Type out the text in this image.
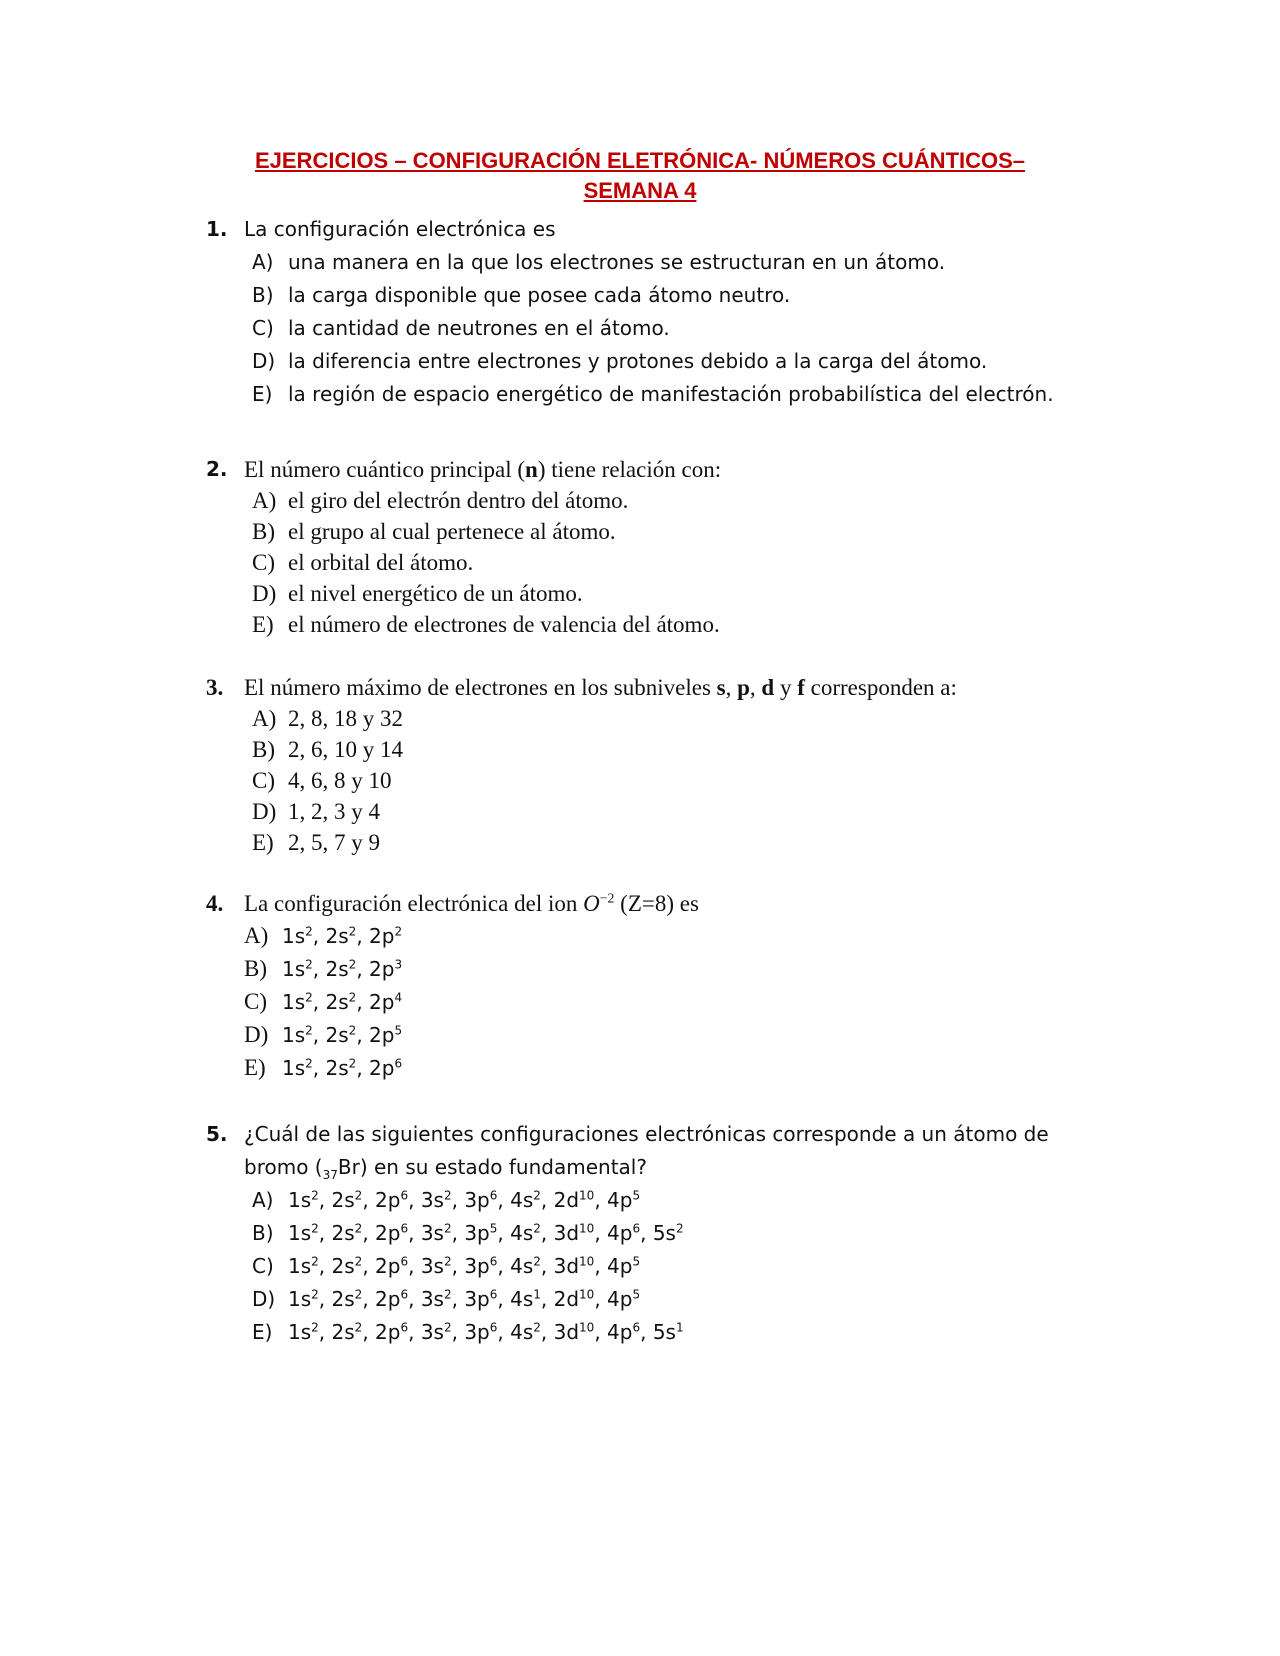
EJERCICIOS – CONFIGURACIÓN ELETRÓNICA- NÚMEROS CUÁNTICOS–
SEMANA 4
1. La configuración electrónica es
A) una manera en la que los electrones se estructuran en un átomo.
B) la carga disponible que posee cada átomo neutro.
C) la cantidad de neutrones en el átomo.
D) la diferencia entre electrones y protones debido a la carga del átomo.
E) la región de espacio energético de manifestación probabilística del electrón.
2. El número cuántico principal (n) tiene relación con:
A) el giro del electrón dentro del átomo.
B) el grupo al cual pertenece al átomo.
C) el orbital del átomo.
D) el nivel energético de un átomo.
E) el número de electrones de valencia del átomo.
3. El número máximo de electrones en los subniveles s, p, d y f corresponden a:
A) 2, 8, 18 y 32
B) 2, 6, 10 y 14
C) 4, 6, 8 y 10
D) 1, 2, 3 y 4
E) 2, 5, 7 y 9
4. La configuración electrónica del ion $O^{-2}$ (Z=8) es
A) $1s^2$, $2s^2$, $2p^2$
B) $1s^2$, $2s^2$, $2p^3$
C) $1s^2$, $2s^2$, $2p^4$
D) $1s^2$, $2s^2$, $2p^5$
E) $1s^2$, $2s^2$, $2p^6$
5. ¿Cuál de las siguientes configuraciones electrónicas corresponde a un átomo de
bromo $(_{37}Br)$ en su estado fundamental?
A) $1s^2$, $2s^2$, $2p^6$, $3s^2$, $3p^6$, $4s^2$, $2d^{10}$, $4p^5$
B) $1s^2$, $2s^2$, $2p^6$, $3s^2$, $3p^5$, $4s^2$, $3d^{10}$, $4p^6$, $5s^2$
C) $1s^2$, $2s^2$, $2p^6$, $3s^2$, $3p^6$, $4s^2$, $3d^{10}$, $4p^5$
D) $1s^2$, $2s^2$, $2p^6$, $3s^2$, $3p^6$, $4s^1$, $2d^{10}$, $4p^5$
E) $1s^2$, $2s^2$, $2p^6$, $3s^2$, $3p^6$, $4s^2$, $3d^{10}$, $4p^6$, $5s^1$
